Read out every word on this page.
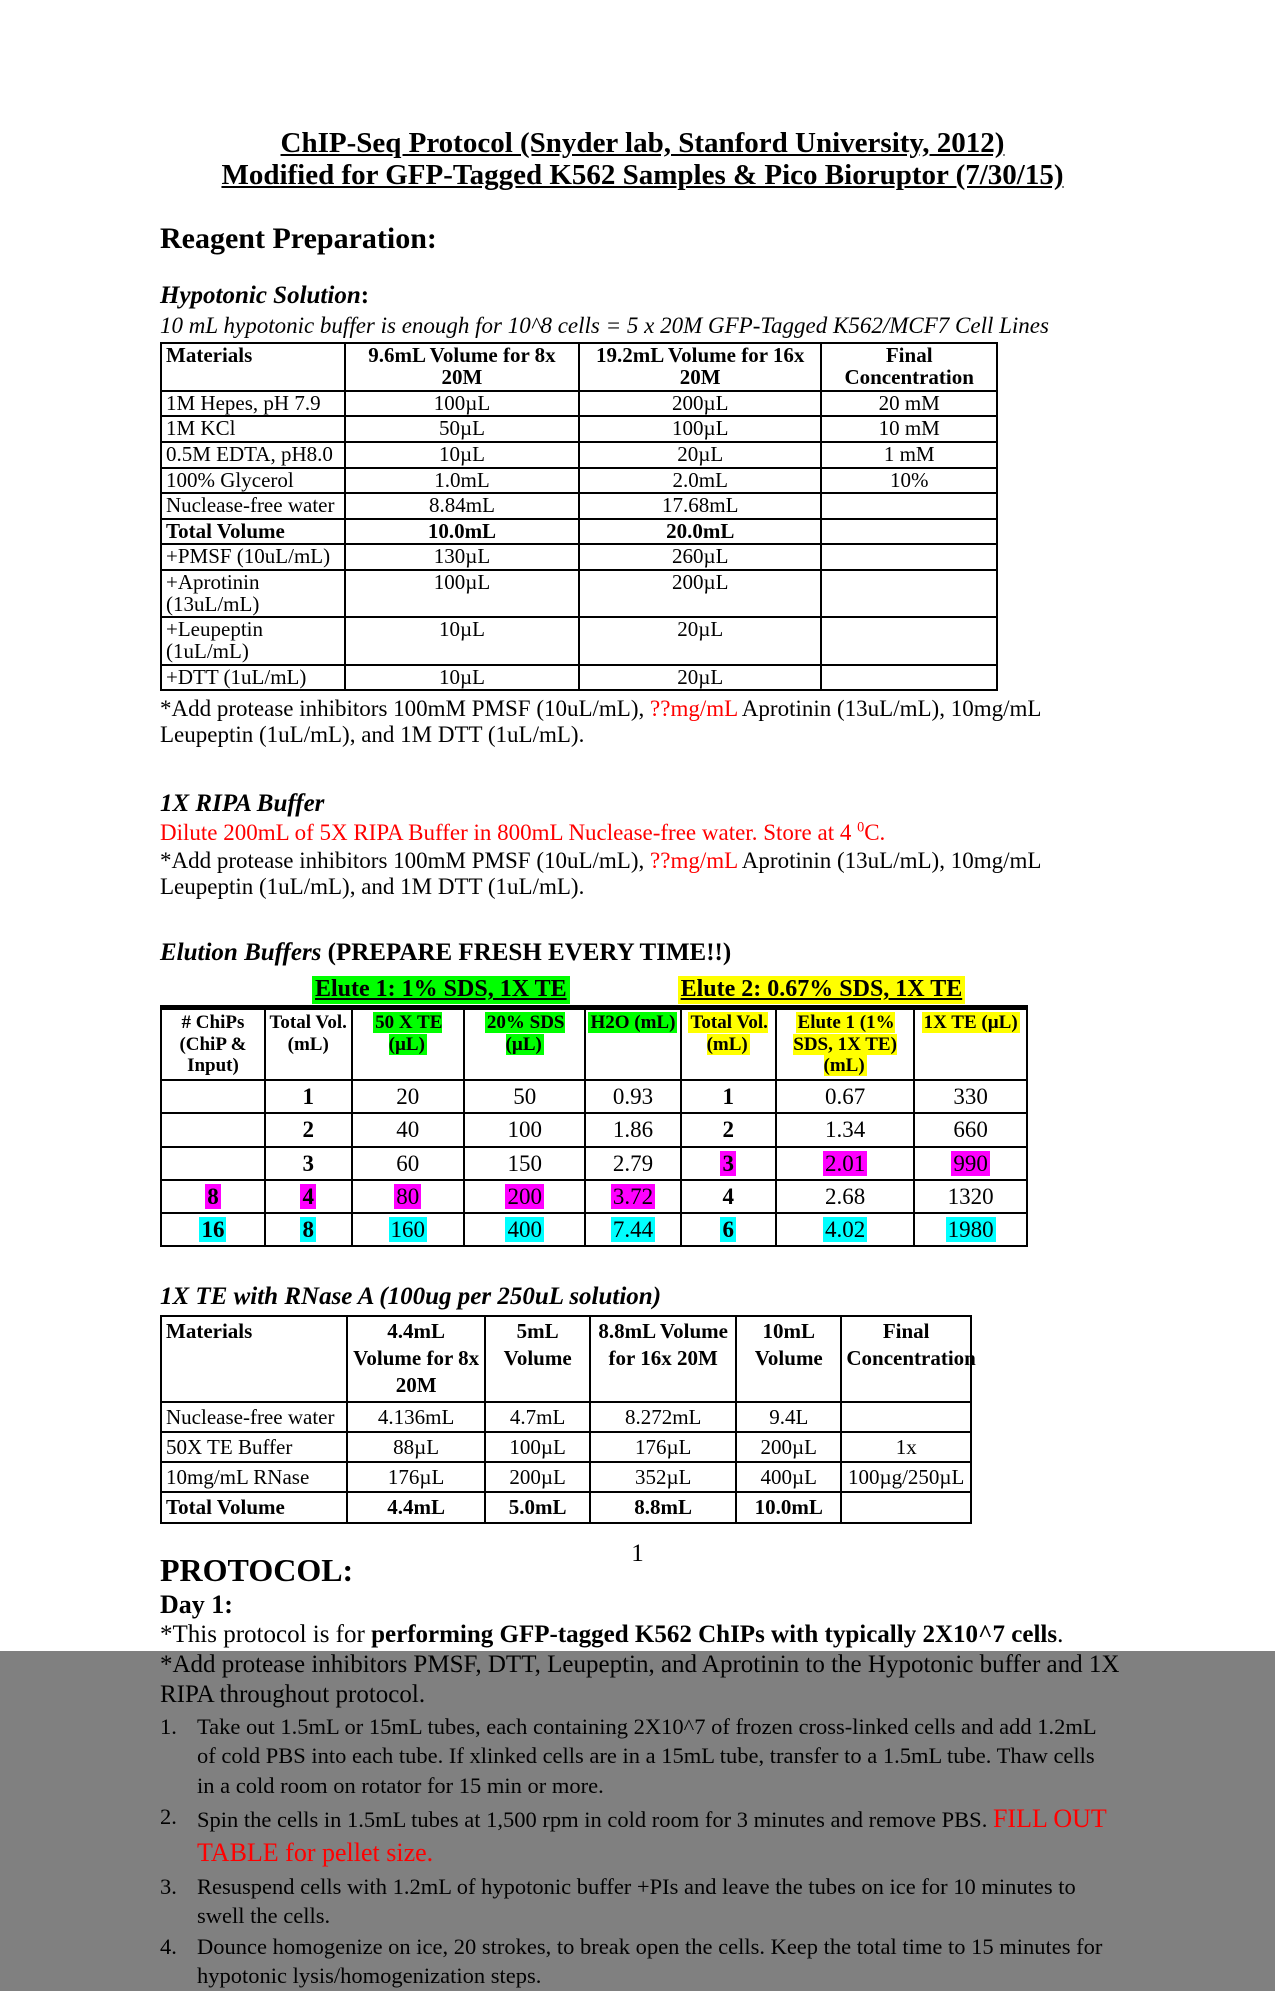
ChIP-Seq Protocol (Snyder lab, Stanford University, 2012)
Modified for GFP-Tagged K562 Samples & Pico Bioruptor (7/30/15)
Reagent Preparation:
Hypotonic Solution:
10 mL hypotonic buffer is enough for 10^8 cells = 5 x 20M GFP-Tagged K562/MCF7 Cell Lines
Materials	9.6mL Volume for 8x 20M	19.2mL Volume for 16x 20M	Final Concentration
1M Hepes, pH 7.9	100µL	200µL	20 mM
1M KCl	50µL	100µL	10 mM
0.5M EDTA, pH8.0	10µL	20µL	1 mM
100% Glycerol	1.0mL	2.0mL	10%
Nuclease-free water	8.84mL	17.68mL	
Total Volume	10.0mL	20.0mL	
+PMSF (10uL/mL)	130µL	260µL	
+Aprotinin (13uL/mL)	100µL	200µL	
+Leupeptin (1uL/mL)	10µL	20µL	
+DTT (1uL/mL)	10µL	20µL	
*Add protease inhibitors 100mM PMSF (10uL/mL), ??mg/mL Aprotinin (13uL/mL), 10mg/mL Leupeptin (1uL/mL), and 1M DTT (1uL/mL).
1X RIPA Buffer
Dilute 200mL of 5X RIPA Buffer in 800mL Nuclease-free water. Store at 4 $^0$C.
*Add protease inhibitors 100mM PMSF (10uL/mL), ??mg/mL Aprotinin (13uL/mL), 10mg/mL Leupeptin (1uL/mL), and 1M DTT (1uL/mL).
Elution Buffers (PREPARE FRESH EVERY TIME!!)
Elute 1: 1% SDS, 1X TE	Elute 2: 0.67% SDS, 1X TE
# ChiPs (ChiP & Input)	Total Vol. (mL)	50 X TE (µL)	20% SDS (µL)	H2O (mL)	Total Vol. (mL)	Elute 1 (1% SDS, 1X TE) (mL)	1X TE (µL)
	1	20	50	0.93	1	0.67	330
	2	40	100	1.86	2	1.34	660
	3	60	150	2.79	3	2.01	990
8	4	80	200	3.72	4	2.68	1320
16	8	160	400	7.44	6	4.02	1980
1X TE with RNase A (100ug per 250uL solution)
Materials	4.4mL Volume for 8x 20M	5mL Volume	8.8mL Volume for 16x 20M	10mL Volume	Final Concentration
Nuclease-free water	4.136mL	4.7mL	8.272mL	9.4L	
50X TE Buffer	88µL	100µL	176µL	200µL	1x
10mg/mL RNase	176µL	200µL	352µL	400µL	100µg/250µL
Total Volume	4.4mL	5.0mL	8.8mL	10.0mL	
PROTOCOL:
Day 1:
*This protocol is for performing GFP-tagged K562 ChIPs with typically 2X10^7 cells.
*Add protease inhibitors PMSF, DTT, Leupeptin, and Aprotinin to the Hypotonic buffer and 1X RIPA throughout protocol.
1. Take out 1.5mL or 15mL tubes, each containing 2X10^7 of frozen cross-linked cells and add 1.2mL of cold PBS into each tube. If xlinked cells are in a 15mL tube, transfer to a 1.5mL tube. Thaw cells in a cold room on rotator for 15 min or more.
2. Spin the cells in 1.5mL tubes at 1,500 rpm in cold room for 3 minutes and remove PBS. FILL OUT TABLE for pellet size.
3. Resuspend cells with 1.2mL of hypotonic buffer +PIs and leave the tubes on ice for 10 minutes to swell the cells.
4. Dounce homogenize on ice, 20 strokes, to break open the cells. Keep the total time to 15 minutes for hypotonic lysis/homogenization steps.
1
